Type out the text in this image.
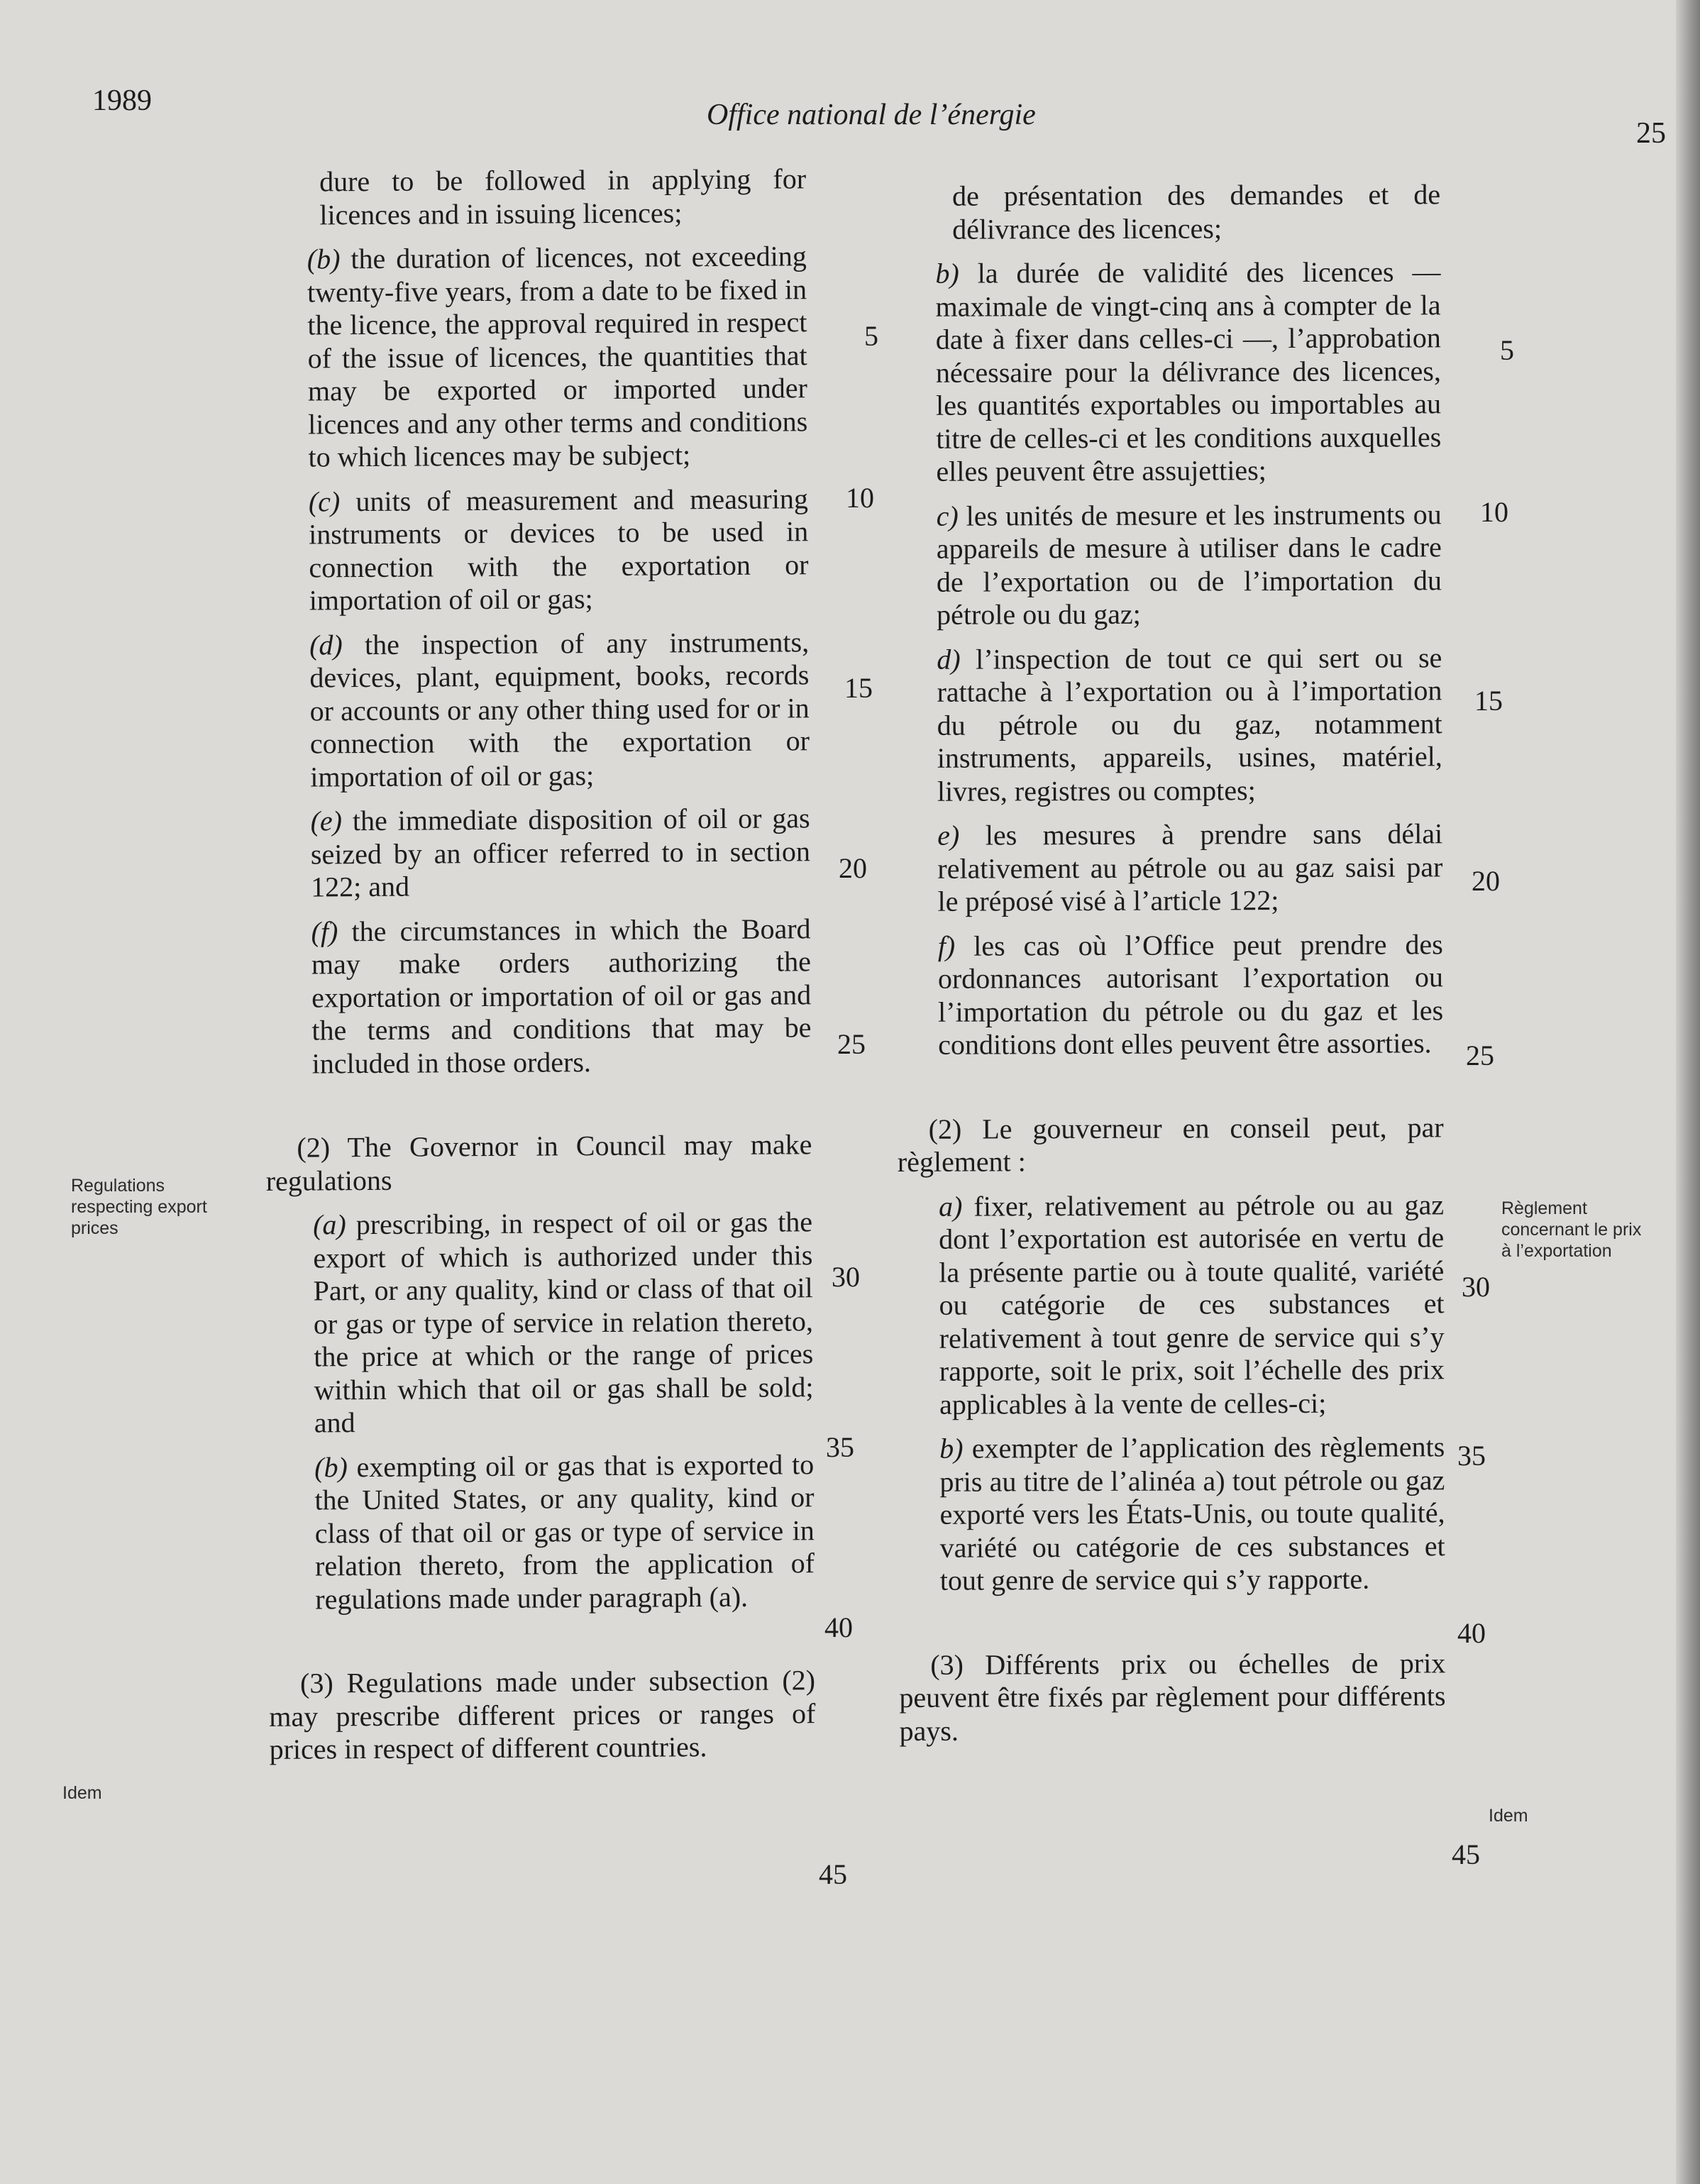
1989	Office national de l’énergie
25

dure to be followed in applying for licences and in issuing licences;

(b) the duration of licences, not exceeding twenty-five years, from a date to be fixed in the licence, the approval required in respect of the issue of licences, the quantities that may be exported or imported under licences and any other terms and conditions to which licences may be subject;

(c) units of measurement and measuring instruments or devices to be used in connection with the exportation or importation of oil or gas;

(d) the inspection of any instruments, devices, plant, equipment, books, records or accounts or any other thing used for or in connection with the exportation or importation of oil or gas;

(e) the immediate disposition of oil or gas seized by an officer referred to in section 122; and

(f) the circumstances in which the Board may make orders authorizing the exportation or importation of oil or gas and the terms and conditions that may be included in those orders.

(2) The Governor in Council may make regulations

(a) prescribing, in respect of oil or gas the export of which is authorized under this Part, or any quality, kind or class of that oil or gas or type of service in relation thereto, the price at which or the range of prices within which that oil or gas shall be sold; and

(b) exempting oil or gas that is exported to the United States, or any quality, kind or class of that oil or gas or type of service in relation thereto, from the application of regulations made under paragraph (a).

(3) Regulations made under subsection (2) may prescribe different prices or ranges of prices in respect of different countries.

de présentation des demandes et de délivrance des licences;

b) la durée de validité des licences — maximale de vingt-cinq ans à compter de la date à fixer dans celles-ci —, l’approbation nécessaire pour la délivrance des licences, les quantités exportables ou importables au titre de celles-ci et les conditions auxquelles elles peuvent être assujetties;

c) les unités de mesure et les instruments ou appareils de mesure à utiliser dans le cadre de l’exportation ou de l’importation du pétrole ou du gaz;

d) l’inspection de tout ce qui sert ou se rattache à l’exportation ou à l’importation du pétrole ou du gaz, notamment instruments, appareils, usines, matériel, livres, registres ou comptes;

e) les mesures à prendre sans délai relativement au pétrole ou au gaz saisi par le préposé visé à l’article 122;

f) les cas où l’Office peut prendre des ordonnances autorisant l’exportation ou l’importation du pétrole ou du gaz et les conditions dont elles peuvent être assorties.

(2) Le gouverneur en conseil peut, par règlement :

a) fixer, relativement au pétrole ou au gaz dont l’exportation est autorisée en vertu de la présente partie ou à toute qualité, variété ou catégorie de ces substances et relativement à tout genre de service qui s’y rapporte, soit le prix, soit l’échelle des prix applicables à la vente de celles-ci;

b) exempter de l’application des règlements pris au titre de l’alinéa a) tout pétrole ou gaz exporté vers les États-Unis, ou toute qualité, variété ou catégorie de ces substances et tout genre de service qui s’y rapporte.

(3) Différents prix ou échelles de prix peuvent être fixés par règlement pour différents pays.

5
10
15
20
25
30
35
40
45
5
10
15
20
25
30
35
40
45
Regulations respecting export prices
Idem
Règlement concernant le prix à l’exportation
Idem
